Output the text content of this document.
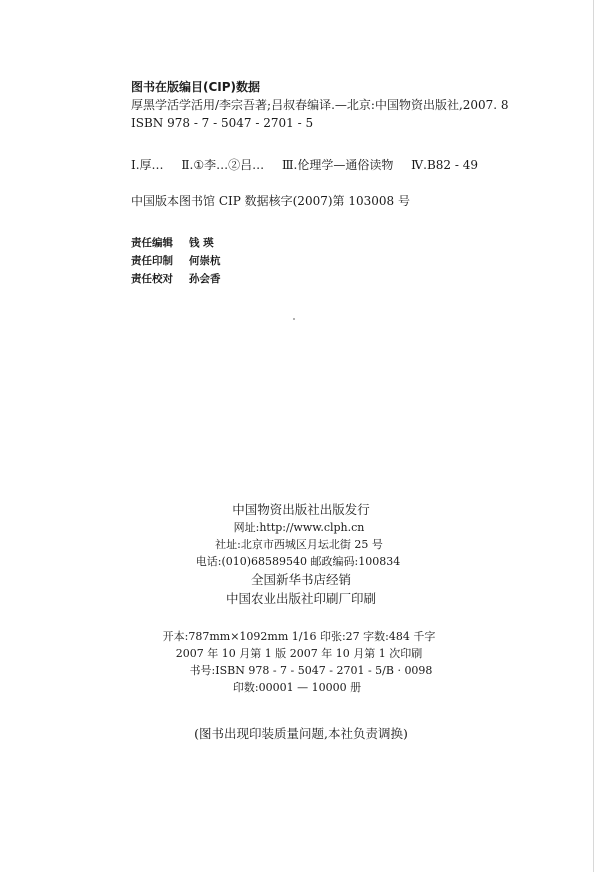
图书在版编目(CIP)数据
厚黑学活学活用/李宗吾著;吕叔春编译.—北京:中国物资出版社,2007. 8
ISBN 978 - 7 - 5047 - 2701 - 5
Ⅰ.厚… Ⅱ.①李…②吕… Ⅲ.伦理学—通俗读物 Ⅳ.B82 - 49
中国版本图书馆 CIP 数据核字(2007)第 103008 号
责任编辑 钱 瑛
责任印制 何崇杭
责任校对 孙会香
中国物资出版社出版发行
网址:http://www.clph.cn
社址:北京市西城区月坛北街 25 号
电话:(010)68589540 邮政编码:100834
全国新华书店经销
中国农业出版社印刷厂印刷
开本:787mm×1092mm 1/16 印张:27 字数:484 千字
2007 年 10 月第 1 版 2007 年 10 月第 1 次印刷
书号:ISBN 978 - 7 - 5047 - 2701 - 5/B · 0098
印数:00001 — 10000 册
(图书出现印装质量问题,本社负责调换)
